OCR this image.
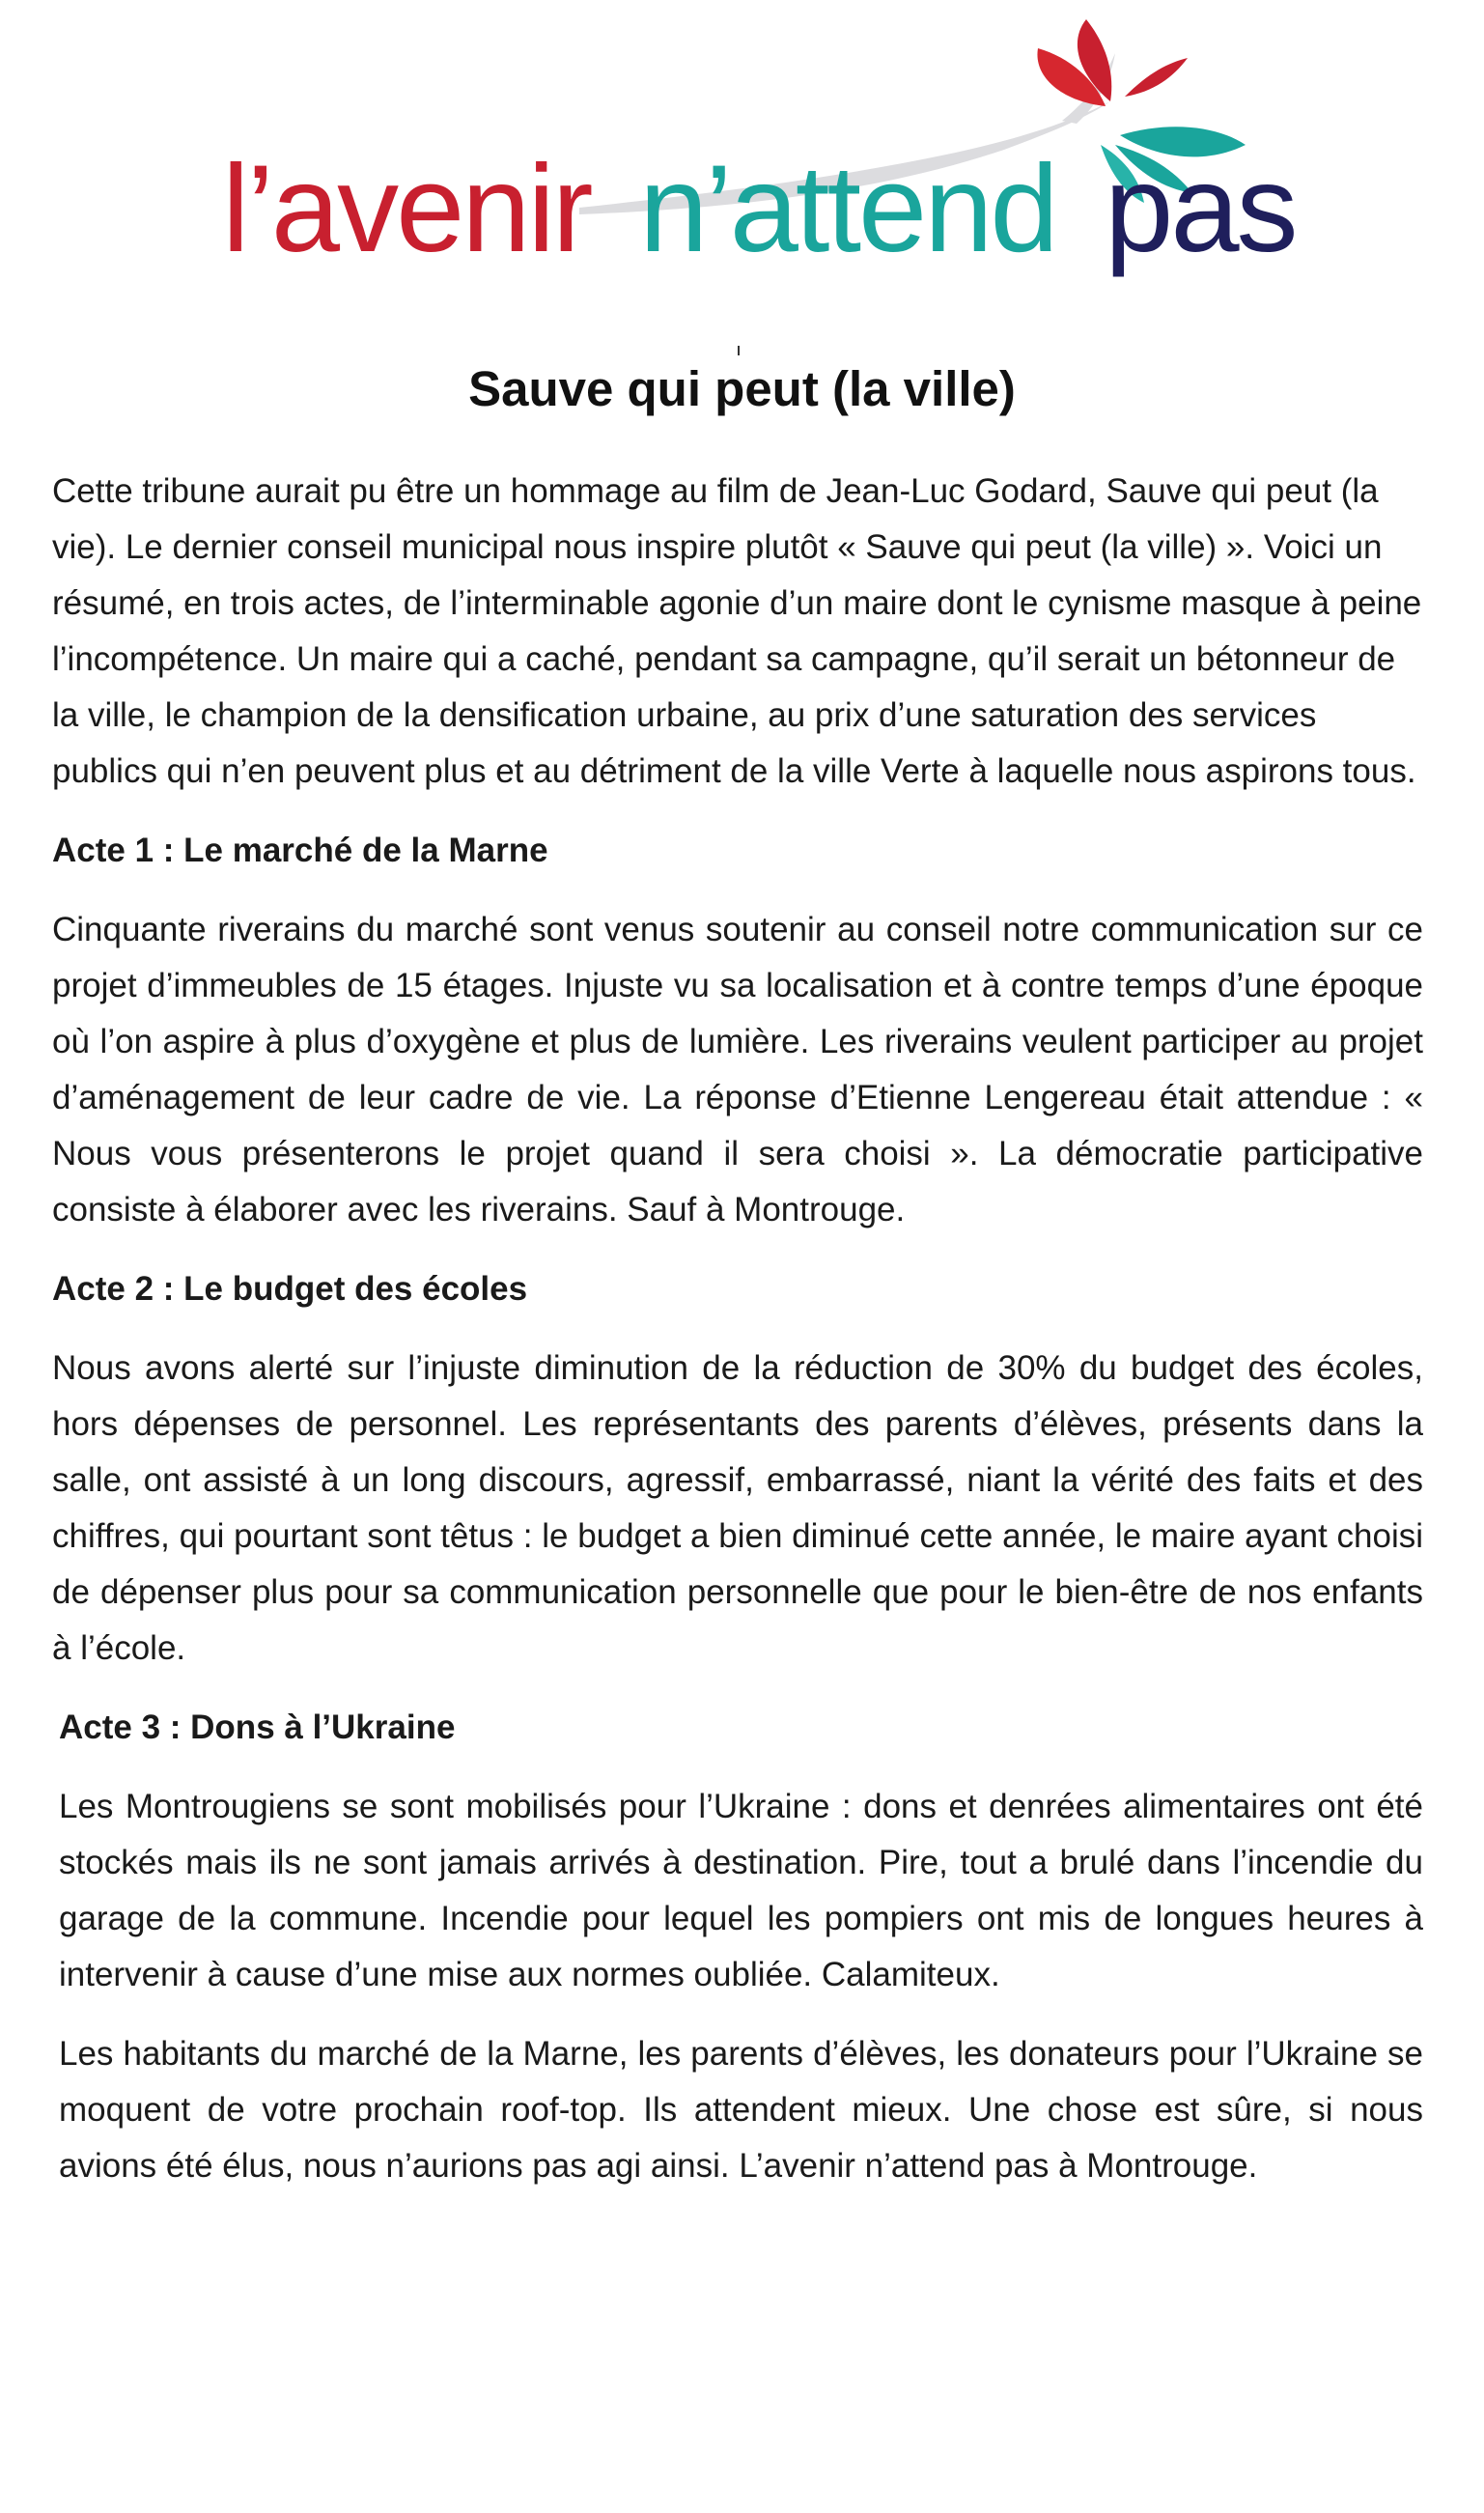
l’avenir n’attend pas
Sauve qui peut (la ville)

Cette tribune aurait pu être un hommage au film de Jean-Luc Godard, Sauve qui peut (la vie). Le dernier conseil municipal nous inspire plutôt « Sauve qui peut (la ville) ». Voici un résumé, en trois actes, de l’interminable agonie d’un maire dont le cynisme masque à peine l’incompétence. Un maire qui a caché, pendant sa campagne, qu’il serait un bétonneur de la ville, le champion de la densification urbaine, au prix d’une saturation des services publics qui n’en peuvent plus et au détriment de la ville Verte à laquelle nous aspirons tous.

Acte 1 : Le marché de la Marne

Cinquante riverains du marché sont venus soutenir au conseil notre communication sur ce projet d’immeubles de 15 étages. Injuste vu sa localisation et à contre temps d’une époque où l’on aspire à plus d’oxygène et plus de lumière. Les riverains veulent participer au projet d’aménagement de leur cadre de vie. La réponse d’Etienne Lengereau était attendue : « Nous vous présenterons le projet quand il sera choisi ». La démocratie participative consiste à élaborer avec les riverains. Sauf à Montrouge.

Acte 2 : Le budget des écoles

Nous avons alerté sur l’injuste diminution de la réduction de 30% du budget des écoles, hors dépenses de personnel. Les représentants des parents d’élèves, présents dans la salle, ont assisté à un long discours, agressif, embarrassé, niant la vérité des faits et des chiffres, qui pourtant sont têtus : le budget a bien diminué cette année, le maire ayant choisi de dépenser plus pour sa communication personnelle que pour le bien-être de nos enfants à l’école.

Acte 3 : Dons à l’Ukraine

Les Montrougiens se sont mobilisés pour l’Ukraine : dons et denrées alimentaires ont été stockés mais ils ne sont jamais arrivés à destination. Pire, tout a brulé dans l’incendie du garage de la commune. Incendie pour lequel les pompiers ont mis de longues heures à intervenir à cause d’une mise aux normes oubliée. Calamiteux.

Les habitants du marché de la Marne, les parents d’élèves, les donateurs pour l’Ukraine se moquent de votre prochain roof-top. Ils attendent mieux. Une chose est sûre, si nous avions été élus, nous n’aurions pas agi ainsi. L’avenir n’attend pas à Montrouge.
